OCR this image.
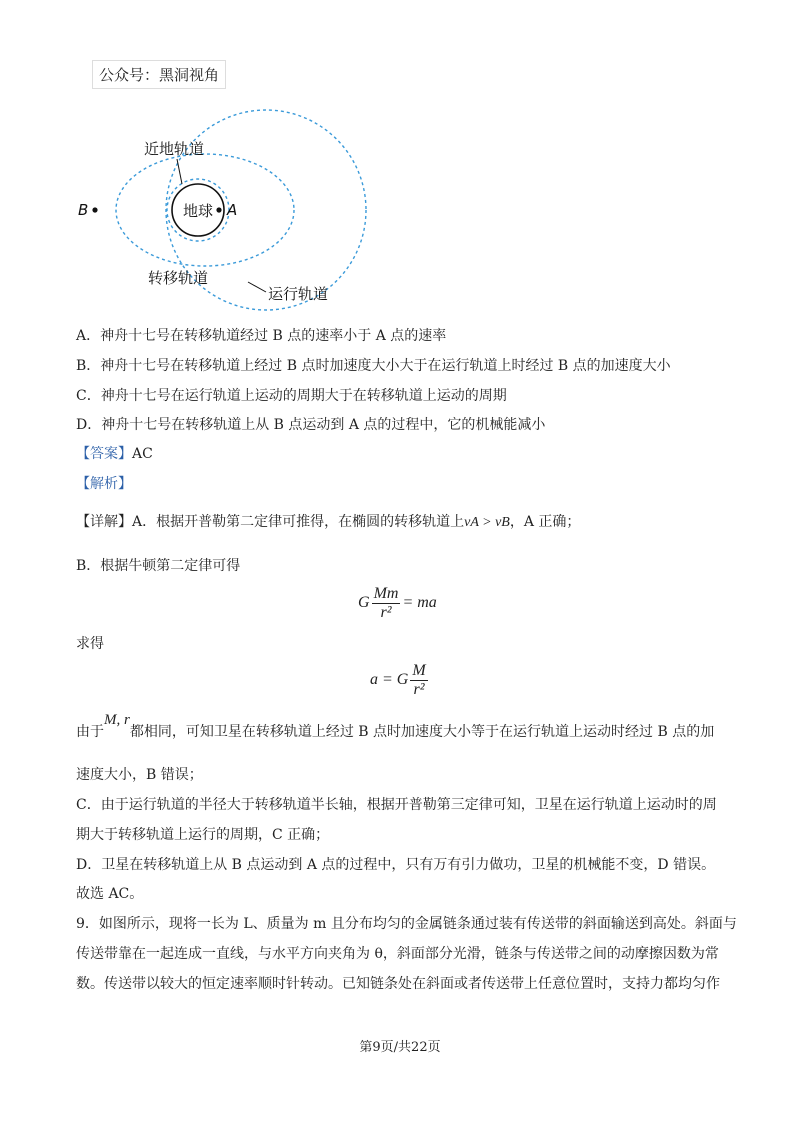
公众号：黑洞视角
地球 A
B
近地轨道
转移轨道
运行轨道
A．神舟十七号在转移轨道经过 B 点的速率小于 A 点的速率
B．神舟十七号在转移轨道上经过 B 点时加速度大小大于在运行轨道上时经过 B 点的加速度大小
C．神舟十七号在运行轨道上运动的周期大于在转移轨道上运动的周期
D．神舟十七号在转移轨道上从 B 点运动到 A 点的过程中，它的机械能减小
【答案】AC
【解析】
【详解】A．根据开普勒第二定律可推得，在椭圆的转移轨道上vA > vB，A 正确；
B．根据牛顿第二定律可得
G $\frac{Mm}{\text{r²}}$ = ma
求得
a = G $\frac{M}{\text{r²}}$
由于M, r都相同，可知卫星在转移轨道上经过 B 点时加速度大小等于在运行轨道上运动时经过 B 点的加
速度大小，B 错误；
C．由于运行轨道的半径大于转移轨道半长轴，根据开普勒第三定律可知，卫星在运行轨道上运动时的周
期大于转移轨道上运行的周期，C 正确；
D．卫星在转移轨道上从 B 点运动到 A 点的过程中，只有万有引力做功，卫星的机械能不变，D 错误。
故选 AC。
9．如图所示，现将一长为 L、质量为 m 且分布均匀的金属链条通过装有传送带的斜面输送到高处。斜面与
传送带靠在一起连成一直线，与水平方向夹角为 θ，斜面部分光滑，链条与传送带之间的动摩擦因数为常
数。传送带以较大的恒定速率顺时针转动。已知链条处在斜面或者传送带上任意位置时，支持力都均匀作
第9页/共22页
